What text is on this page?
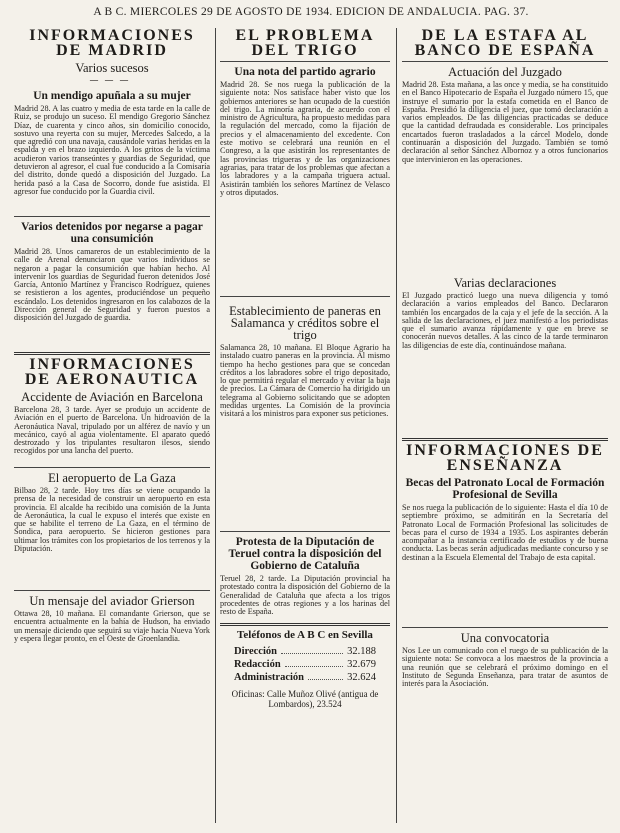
A B C. MIERCOLES 29 DE AGOSTO DE 1934. EDICION DE ANDALUCIA. PAG. 37.
INFORMACIONES DE MADRID
Varios sucesos
———
Un mendigo apuñala a su mujer
Madrid 28. A las cuatro y media de esta tarde en la calle de Ruiz, se produjo un suceso. El mendigo Gregorio Sánchez Díaz, de cuarenta y cinco años, sin domicilio conocido, sostuvo una reyerta con su mujer, Mercedes Salcedo, a la que agredió con una navaja, causándole varias heridas en la espalda y en el brazo izquierdo. A los gritos de la víctima acudieron varios transeúntes y guardias de Seguridad, que detuvieron al agresor, el cual fue conducido a la Comisaría del distrito, donde quedó a disposición del Juzgado. La herida pasó a la Casa de Socorro, donde fue asistida. El agresor fue conducido por la Guardia civil.
Varios detenidos por negarse a pagar una consumición
Madrid 28. Unos camareros de un establecimiento de la calle de Arenal denunciaron que varios individuos se negaron a pagar la consumición que habían hecho. Al intervenir los guardias de Seguridad fueron detenidos José García, Antonio Martínez y Francisco Rodríguez, quienes se resistieron a los agentes, produciéndose un pequeño escándalo. Los detenidos ingresaron en los calabozos de la Dirección general de Seguridad y fueron puestos a disposición del Juzgado de guardia.
INFORMACIONES DE AERONAUTICA
Accidente de Aviación en Barcelona
Barcelona 28, 3 tarde. Ayer se produjo un accidente de Aviación en el puerto de Barcelona. Un hidroavión de la Aeronáutica Naval, tripulado por un alférez de navío y un mecánico, cayó al agua violentamente. El aparato quedó destrozado y los tripulantes resultaron ilesos, siendo recogidos por una lancha del puerto.
El aeropuerto de La Gaza
Bilbao 28, 2 tarde. Hoy tres días se viene ocupando la prensa de la necesidad de construir un aeropuerto en esta provincia. El alcalde ha recibido una comisión de la Junta de Aeronáutica, la cual le expuso el interés que existe en que se habilite el terreno de La Gaza, en el término de Sondica, para aeropuerto. Se hicieron gestiones para ultimar los trámites con los propietarios de los terrenos y la Diputación.
Un mensaje del aviador Grierson
Ottawa 28, 10 mañana. El comandante Grierson, que se encuentra actualmente en la bahía de Hudson, ha enviado un mensaje diciendo que seguirá su viaje hacia Nueva York y espera llegar pronto, en el Oeste de Groenlandia.
EL PROBLEMA DEL TRIGO
Una nota del partido agrario
Madrid 28. Se nos ruega la publicación de la siguiente nota: Nos satisface haber visto que los gobiernos anteriores se han ocupado de la cuestión del trigo. La minoría agraria, de acuerdo con el ministro de Agricultura, ha propuesto medidas para la regulación del mercado, como la fijación de precios y el almacenamiento del excedente. Con este motivo se celebrará una reunión en el Congreso, a la que asistirán los representantes de las provincias trigueras y de las organizaciones agrarias, para tratar de los problemas que afectan a los labradores y a la campaña triguera actual. Asistirán también los señores Martínez de Velasco y otros diputados.
Establecimiento de paneras en Salamanca y créditos sobre el trigo
Salamanca 28, 10 mañana. El Bloque Agrario ha instalado cuatro paneras en la provincia. Al mismo tiempo ha hecho gestiones para que se concedan créditos a los labradores sobre el trigo depositado, lo que permitirá regular el mercado y evitar la baja de precios. La Cámara de Comercio ha dirigido un telegrama al Gobierno solicitando que se adopten medidas urgentes. La Comisión de la provincia visitará a los ministros para exponer sus peticiones.
Protesta de la Diputación de Teruel contra la disposición del Gobierno de Cataluña
Teruel 28, 2 tarde. La Diputación provincial ha protestado contra la disposición del Gobierno de la Generalidad de Cataluña que afecta a los trigos procedentes de otras regiones y a los harinas del resto de España.
Teléfonos de A B C en Sevilla
Dirección	32.188
Redacción	32.679
Administración	32.624
Oficinas: Calle Muñoz Olivé (antigua de Lombardos), 23.524
DE LA ESTAFA AL BANCO DE ESPAÑA
Actuación del Juzgado
Madrid 28. Esta mañana, a las once y media, se ha constituido en el Banco Hipotecario de España el Juzgado número 15, que instruye el sumario por la estafa cometida en el Banco de España. Presidió la diligencia el juez, que tomó declaración a varios empleados. De las diligencias practicadas se deduce que la cantidad defraudada es considerable. Los principales encartados fueron trasladados a la cárcel Modelo, donde continuarán a disposición del Juzgado. También se tomó declaración al señor Sánchez Albornoz y a otros funcionarios que intervinieron en las operaciones.
Varias declaraciones
El Juzgado practicó luego una nueva diligencia y tomó declaración a varios empleados del Banco. Declararon también los encargados de la caja y el jefe de la sección. A la salida de las declaraciones, el juez manifestó a los periodistas que el sumario avanza rápidamente y que en breve se conocerán nuevos detalles. A las cinco de la tarde terminaron las diligencias de este día, continuándose mañana.
INFORMACIONES DE ENSEÑANZA
Becas del Patronato Local de Formación Profesional de Sevilla
Se nos ruega la publicación de lo siguiente: Hasta el día 10 de septiembre próximo, se admitirán en la Secretaría del Patronato Local de Formación Profesional las solicitudes de becas para el curso de 1934 a 1935. Los aspirantes deberán acompañar a la instancia certificado de estudios y de buena conducta. Las becas serán adjudicadas mediante concurso y se destinan a la Escuela Elemental del Trabajo de esta capital.
Una convocatoria
Nos Lee un comunicado con el ruego de su publicación de la siguiente nota: Se convoca a los maestros de la provincia a una reunión que se celebrará el próximo domingo en el Instituto de Segunda Enseñanza, para tratar de asuntos de interés para la Asociación.
